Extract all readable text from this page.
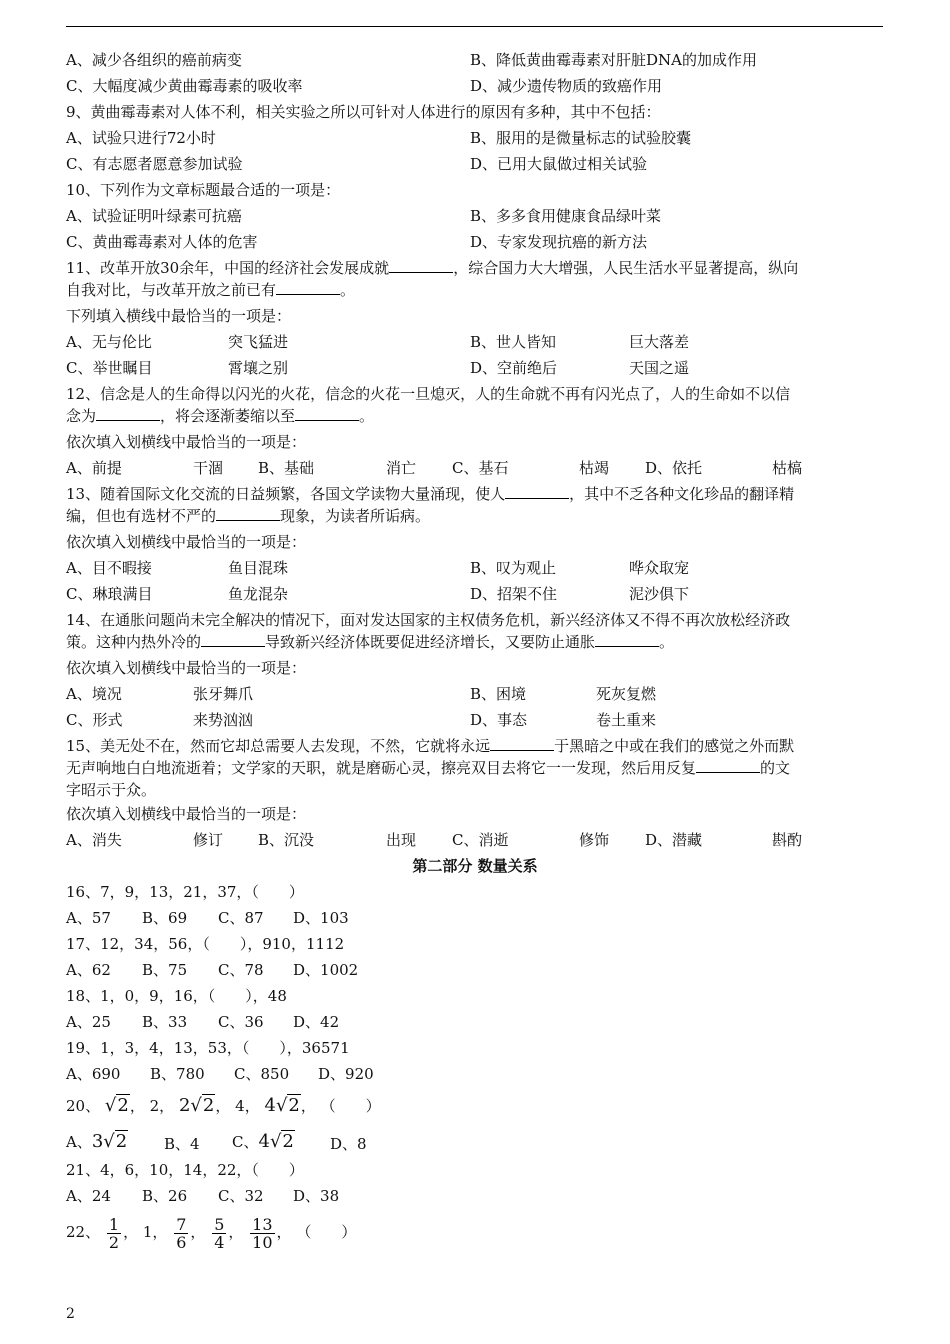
A、减少各组织的癌前病变	B、降低黄曲霉毒素对肝脏DNA的加成作用
C、大幅度减少黄曲霉毒素的吸收率	D、减少遗传物质的致癌作用
9、黄曲霉毒素对人体不利，相关实验之所以可针对人体进行的原因有多种，其中不包括：
A、试验只进行72小时	B、服用的是微量标志的试验胶囊
C、有志愿者愿意参加试验	D、已用大鼠做过相关试验
10、下列作为文章标题最合适的一项是：
A、试验证明叶绿素可抗癌	B、多多食用健康食品绿叶菜
C、黄曲霉毒素对人体的危害	D、专家发现抗癌的新方法
11、改革开放30余年，中国的经济社会发展成就	，综合国力大大增强，人民生活水平显著提高，纵向
自我对比，与改革开放之前已有	。
下列填入横线中最恰当的一项是：
A、无与伦比	突飞猛进	B、世人皆知	巨大落差
C、举世瞩目	霄壤之别	D、空前绝后	天国之遥
12、信念是人的生命得以闪光的火花，信念的火花一旦熄灭，人的生命就不再有闪光点了，人的生命如不以信
念为	，将会逐渐萎缩以至	。
依次填入划横线中最恰当的一项是：
A、前提	干涸 B、基础	消亡 C、基石	枯竭 D、依托	枯槁
13、随着国际文化交流的日益频繁，各国文学读物大量涌现，使人	，其中不乏各种文化珍品的翻译精
编，但也有选材不严的	现象，为读者所诟病。
依次填入划横线中最恰当的一项是：
A、目不暇接	鱼目混珠	B、叹为观止	哗众取宠
C、琳琅满目	鱼龙混杂	D、招架不住	泥沙俱下
14、在通胀问题尚未完全解决的情况下，面对发达国家的主权债务危机，新兴经济体又不得不再次放松经济政
策。这种内热外冷的	导致新兴经济体既要促进经济增长，又要防止通胀	。
依次填入划横线中最恰当的一项是：
A、境况	张牙舞爪	B、困境	死灰复燃
C、形式	来势汹汹	D、事态	卷土重来
15、美无处不在，然而它却总需要人去发现，不然，它就将永远	于黑暗之中或在我们的感觉之外而默
无声响地白白地流逝着；文学家的天职，就是磨砺心灵，擦亮双目去将它一一发现，然后用反复	的文
字昭示于众。
依次填入划横线中最恰当的一项是：
A、消失	修订 B、沉没	出现 C、消逝	修饰 D、潜藏	斟酌
第二部分 数量关系
16、7，9，13，21，37，（　　）
A、57 B、69 C、87 D、103
17、12，34，56，（　　），910，1112
A、62 B、75 C、78 D、1002
18、1，0，9，16，（　　），48
A、25 B、33 C、36 D、42
19、1，3，4，13，53，（　　），36571
A、690 B、780 C、850 D、920
20、 √2， 2， 2√2， 4， 4√2， （　　）
A、3√2 B、4 C、4√2 D、8
21、4，6，10，14，22，（　　）
A、24 B、26 C、32 D、38
22、 $\frac{1}{2}$ ， 1， $\frac{7}{6}$ ， $\frac{5}{4}$ ， $\frac{13}{10}$ ， （　　）
2
